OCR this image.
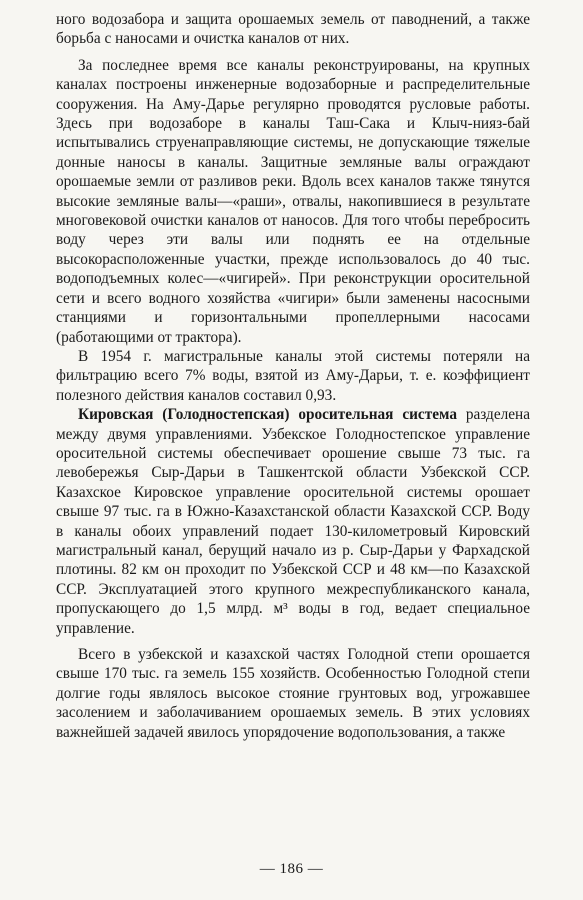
ного водозабора и защита орошаемых земель от паводнений, а также борьба с наносами и очистка каналов от них.

За последнее время все каналы реконструированы, на крупных каналах построены инженерные водозаборные и распределительные сооружения. На Аму-Дарье регулярно проводятся русловые работы. Здесь при водозаборе в каналы Таш-Сака и Клыч-нияз-бай испытывались струенаправляющие системы, не допускающие тяжелые донные наносы в каналы. Защитные земляные валы ограждают орошаемые земли от разливов реки. Вдоль всех каналов также тянутся высокие земляные валы—«раши», отвалы, накопившиеся в результате многовековой очистки каналов от наносов. Для того чтобы перебросить воду через эти валы или поднять ее на отдельные высокорасположенные участки, прежде использовалось до 40 тыс. водоподъемных колес—«чигирей». При реконструкции оросительной сети и всего водного хозяйства «чигири» были заменены насосными станциями и горизонтальными пропеллерными насосами (работающими от трактора).

В 1954 г. магистральные каналы этой системы потеряли на фильтрацию всего 7% воды, взятой из Аму-Дарьи, т. е. коэффициент полезного действия каналов составил 0,93.

Кировская (Голодностепская) оросительная система разделена между двумя управлениями. Узбекское Голодностепское управление оросительной системы обеспечивает орошение свыше 73 тыс. га левобережья Сыр-Дарьи в Ташкентской области Узбекской ССР. Казахское Кировское управление оросительной системы орошает свыше 97 тыс. га в Южно-Казахстанской области Казахской ССР. Воду в каналы обоих управлений подает 130-километровый Кировский магистральный канал, берущий начало из р. Сыр-Дарьи у Фархадской плотины. 82 км он проходит по Узбекской ССР и 48 км—по Казахской ССР. Эксплуатацией этого крупного межреспубликанского канала, пропускающего до 1,5 млрд. м³ воды в год, ведает специальное управление.

Всего в узбекской и казахской частях Голодной степи орошается свыше 170 тыс. га земель 155 хозяйств. Особенностью Голодной степи долгие годы являлось высокое стояние грунтовых вод, угрожавшее засолением и заболачиванием орошаемых земель. В этих условиях важнейшей задачей явилось упорядочение водопользования, а также

— 186 —
